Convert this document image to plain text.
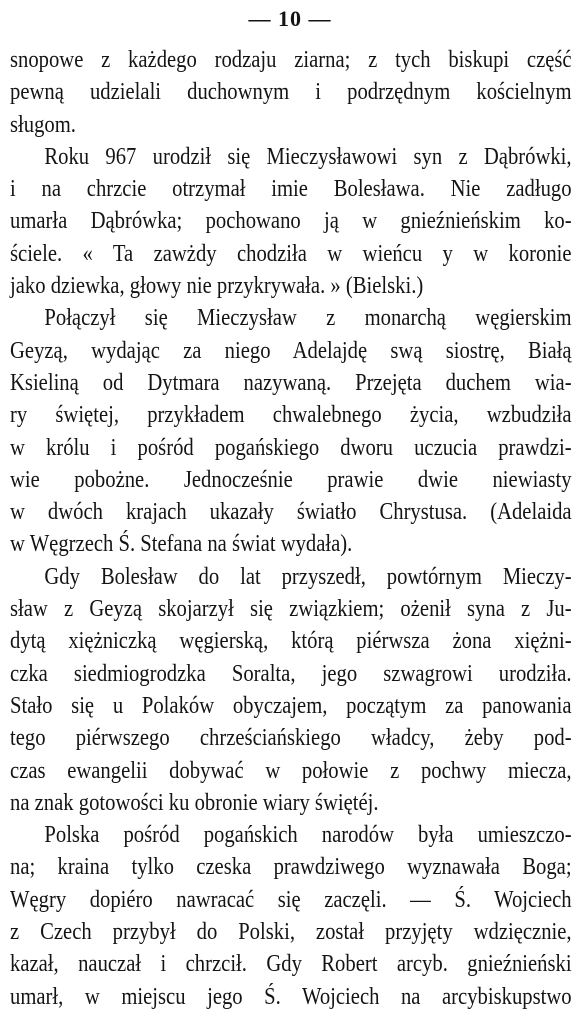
— 10 —
snopowe z każdego rodzaju ziarna; z tych biskupi część
pewną udzielali duchownym i podrzędnym kościelnym
sługom.
Roku 967 urodził się Mieczysławowi syn z Dąbrówki,
i na chrzcie otrzymał imie Bolesława. Nie zadługo
umarła Dąbrówka; pochowano ją w gnieźnieńskim ko-
ściele. « Ta zawżdy chodziła w wieńcu y w koronie
jako dziewka, głowy nie przykrywała. » (Bielski.)
Połączył się Mieczysław z monarchą węgierskim
Geyzą, wydając za niego Adelajdę swą siostrę, Białą
Ksieliną od Dytmara nazywaną. Przejęta duchem wia-
ry świętej, przykładem chwalebnego życia, wzbudziła
w królu i pośród pogańskiego dworu uczucia prawdzi-
wie pobożne. Jednocześnie prawie dwie niewiasty
w dwóch krajach ukazały światło Chrystusa. (Adelaida
w Węgrzech Ś. Stefana na świat wydała).
Gdy Bolesław do lat przyszedł, powtórnym Mieczy-
sław z Geyzą skojarzył się związkiem; ożenił syna z Ju-
dytą xiężniczką węgierską, którą piérwsza żona xiężni-
czka siedmiogrodzka Soralta, jego szwagrowi urodziła.
Stało się u Polaków obyczajem, początym za panowania
tego piérwszego chrześciańskiego władcy, żeby pod-
czas ewangelii dobywać w połowie z pochwy miecza,
na znak gotowości ku obronie wiary świętéj.
Polska pośród pogańskich narodów była umieszczo-
na; kraina tylko czeska prawdziwego wyznawała Boga;
Węgry dopiéro nawracać się zaczęli. — Ś. Wojciech
z Czech przybył do Polski, został przyjęty wdzięcznie,
kazał, nauczał i chrzcił. Gdy Robert arcyb. gnieźnieński
umarł, w miejscu jego Ś. Wojciech na arcybiskupstwo
